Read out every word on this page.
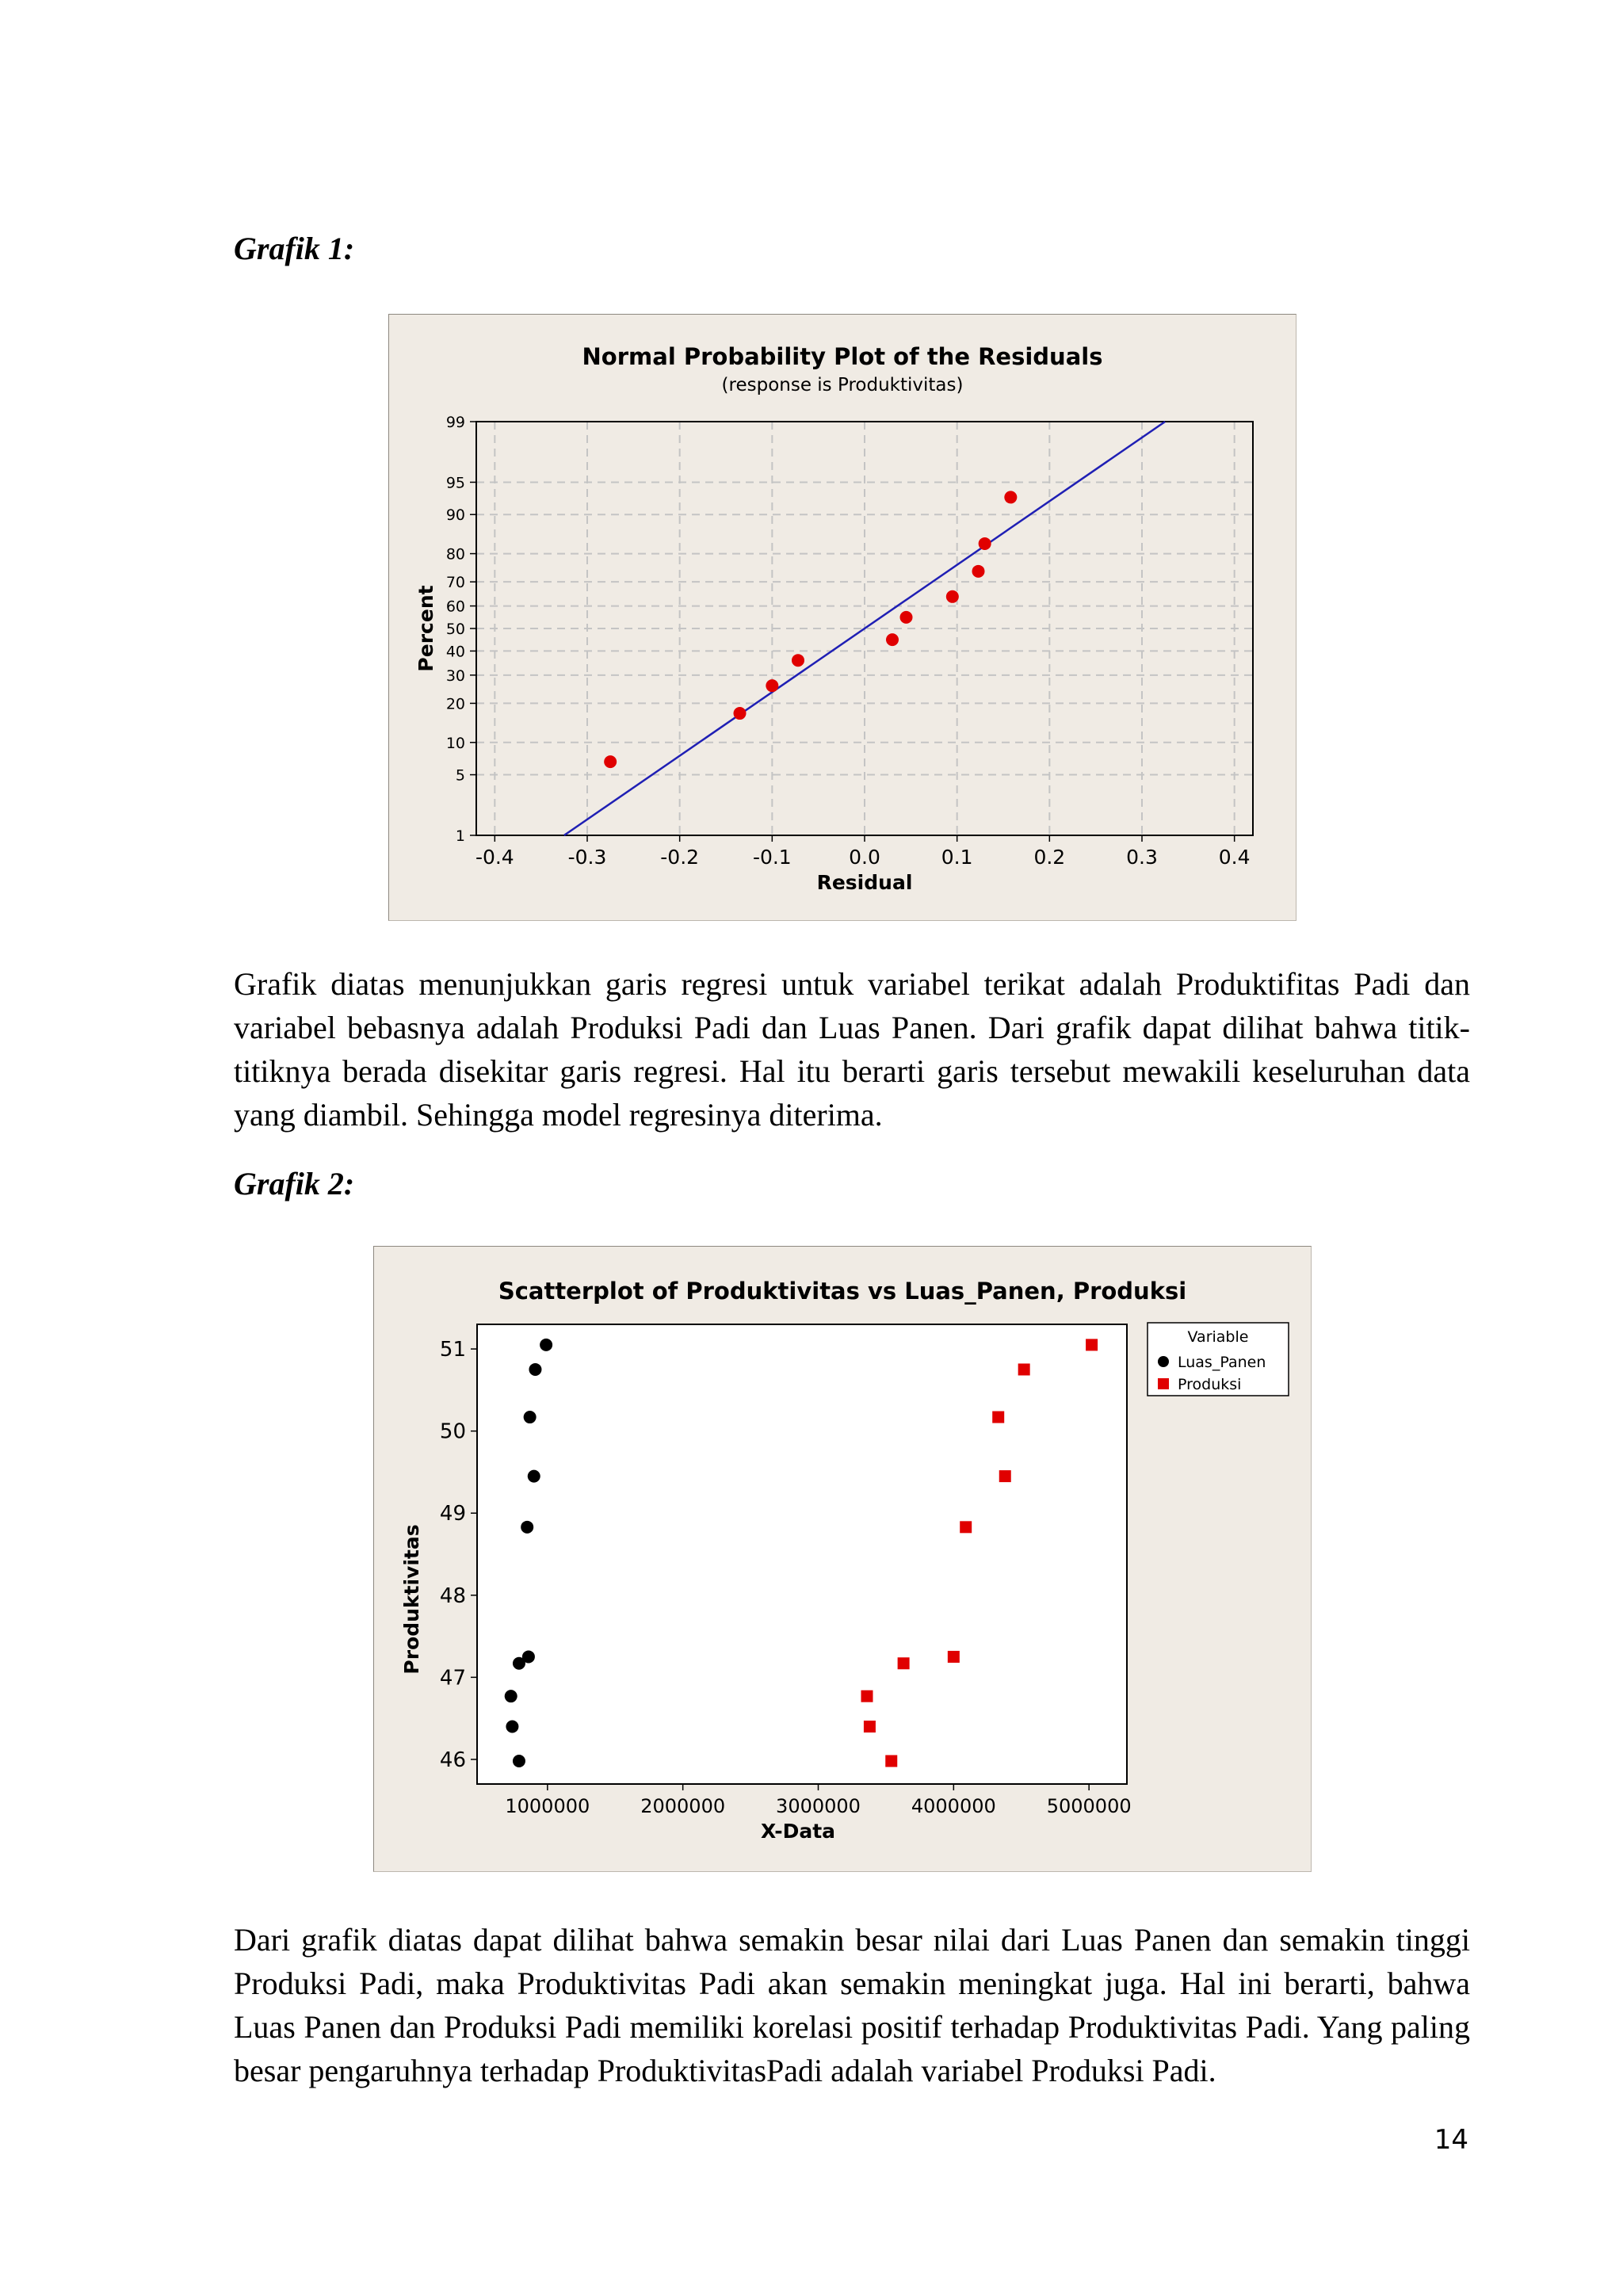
Grafik 1:
Normal Probability Plot of the Residuals
(response is Produktivitas)
-0.4	-0.3	-0.2	-0.1	0.0	0.1	0.2	0.3	0.4
1
5
10
20
30
40
50
60
70
80
90
95
99
Residual
Percent

Grafik diatas menunjukkan garis regresi untuk variabel terikat adalah Produktifitas Padi dan variabel bebasnya adalah Produksi Padi dan Luas Panen. Dari grafik dapat dilihat bahwa titik-titiknya berada disekitar garis regresi. Hal itu berarti garis tersebut mewakili keseluruhan data yang diambil. Sehingga model regresinya diterima.

Grafik 2:
Scatterplot of Produktivitas vs Luas_Panen, Produksi
1000000	2000000	3000000	4000000	5000000
46
47
48
49
50
51
X-Data
Produktivitas
Variable
Luas_Panen
Produksi

Dari grafik diatas dapat dilihat bahwa semakin besar nilai dari Luas Panen dan semakin tinggi Produksi Padi, maka Produktivitas Padi akan semakin meningkat juga. Hal ini berarti, bahwa Luas Panen dan Produksi Padi memiliki korelasi positif terhadap Produktivitas Padi. Yang paling besar pengaruhnya terhadap ProduktivitasPadi adalah variabel Produksi Padi.

14
